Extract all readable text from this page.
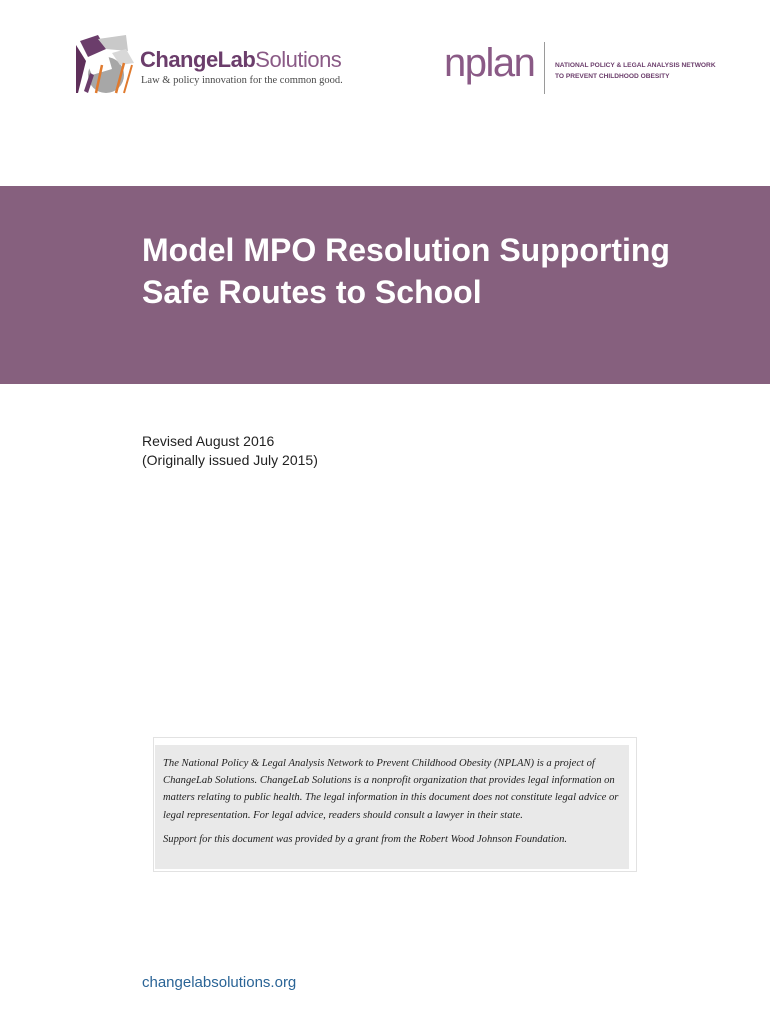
ChangeLabSolutions
Law & policy innovation for the common good.	nplan	NATIONAL POLICY & LEGAL ANALYSIS NETWORK
TO PREVENT CHILDHOOD OBESITY
Model MPO Resolution Supporting
Safe Routes to School
Revised August 2016
(Originally issued July 2015)

The National Policy & Legal Analysis Network to Prevent Childhood Obesity (NPLAN) is a project of ChangeLab Solutions. ChangeLab Solutions is a nonprofit organization that provides legal information on matters relating to public health. The legal information in this document does not constitute legal advice or legal representation. For legal advice, readers should consult a lawyer in their state.

Support for this document was provided by a grant from the Robert Wood Johnson Foundation.

changelabsolutions.org
